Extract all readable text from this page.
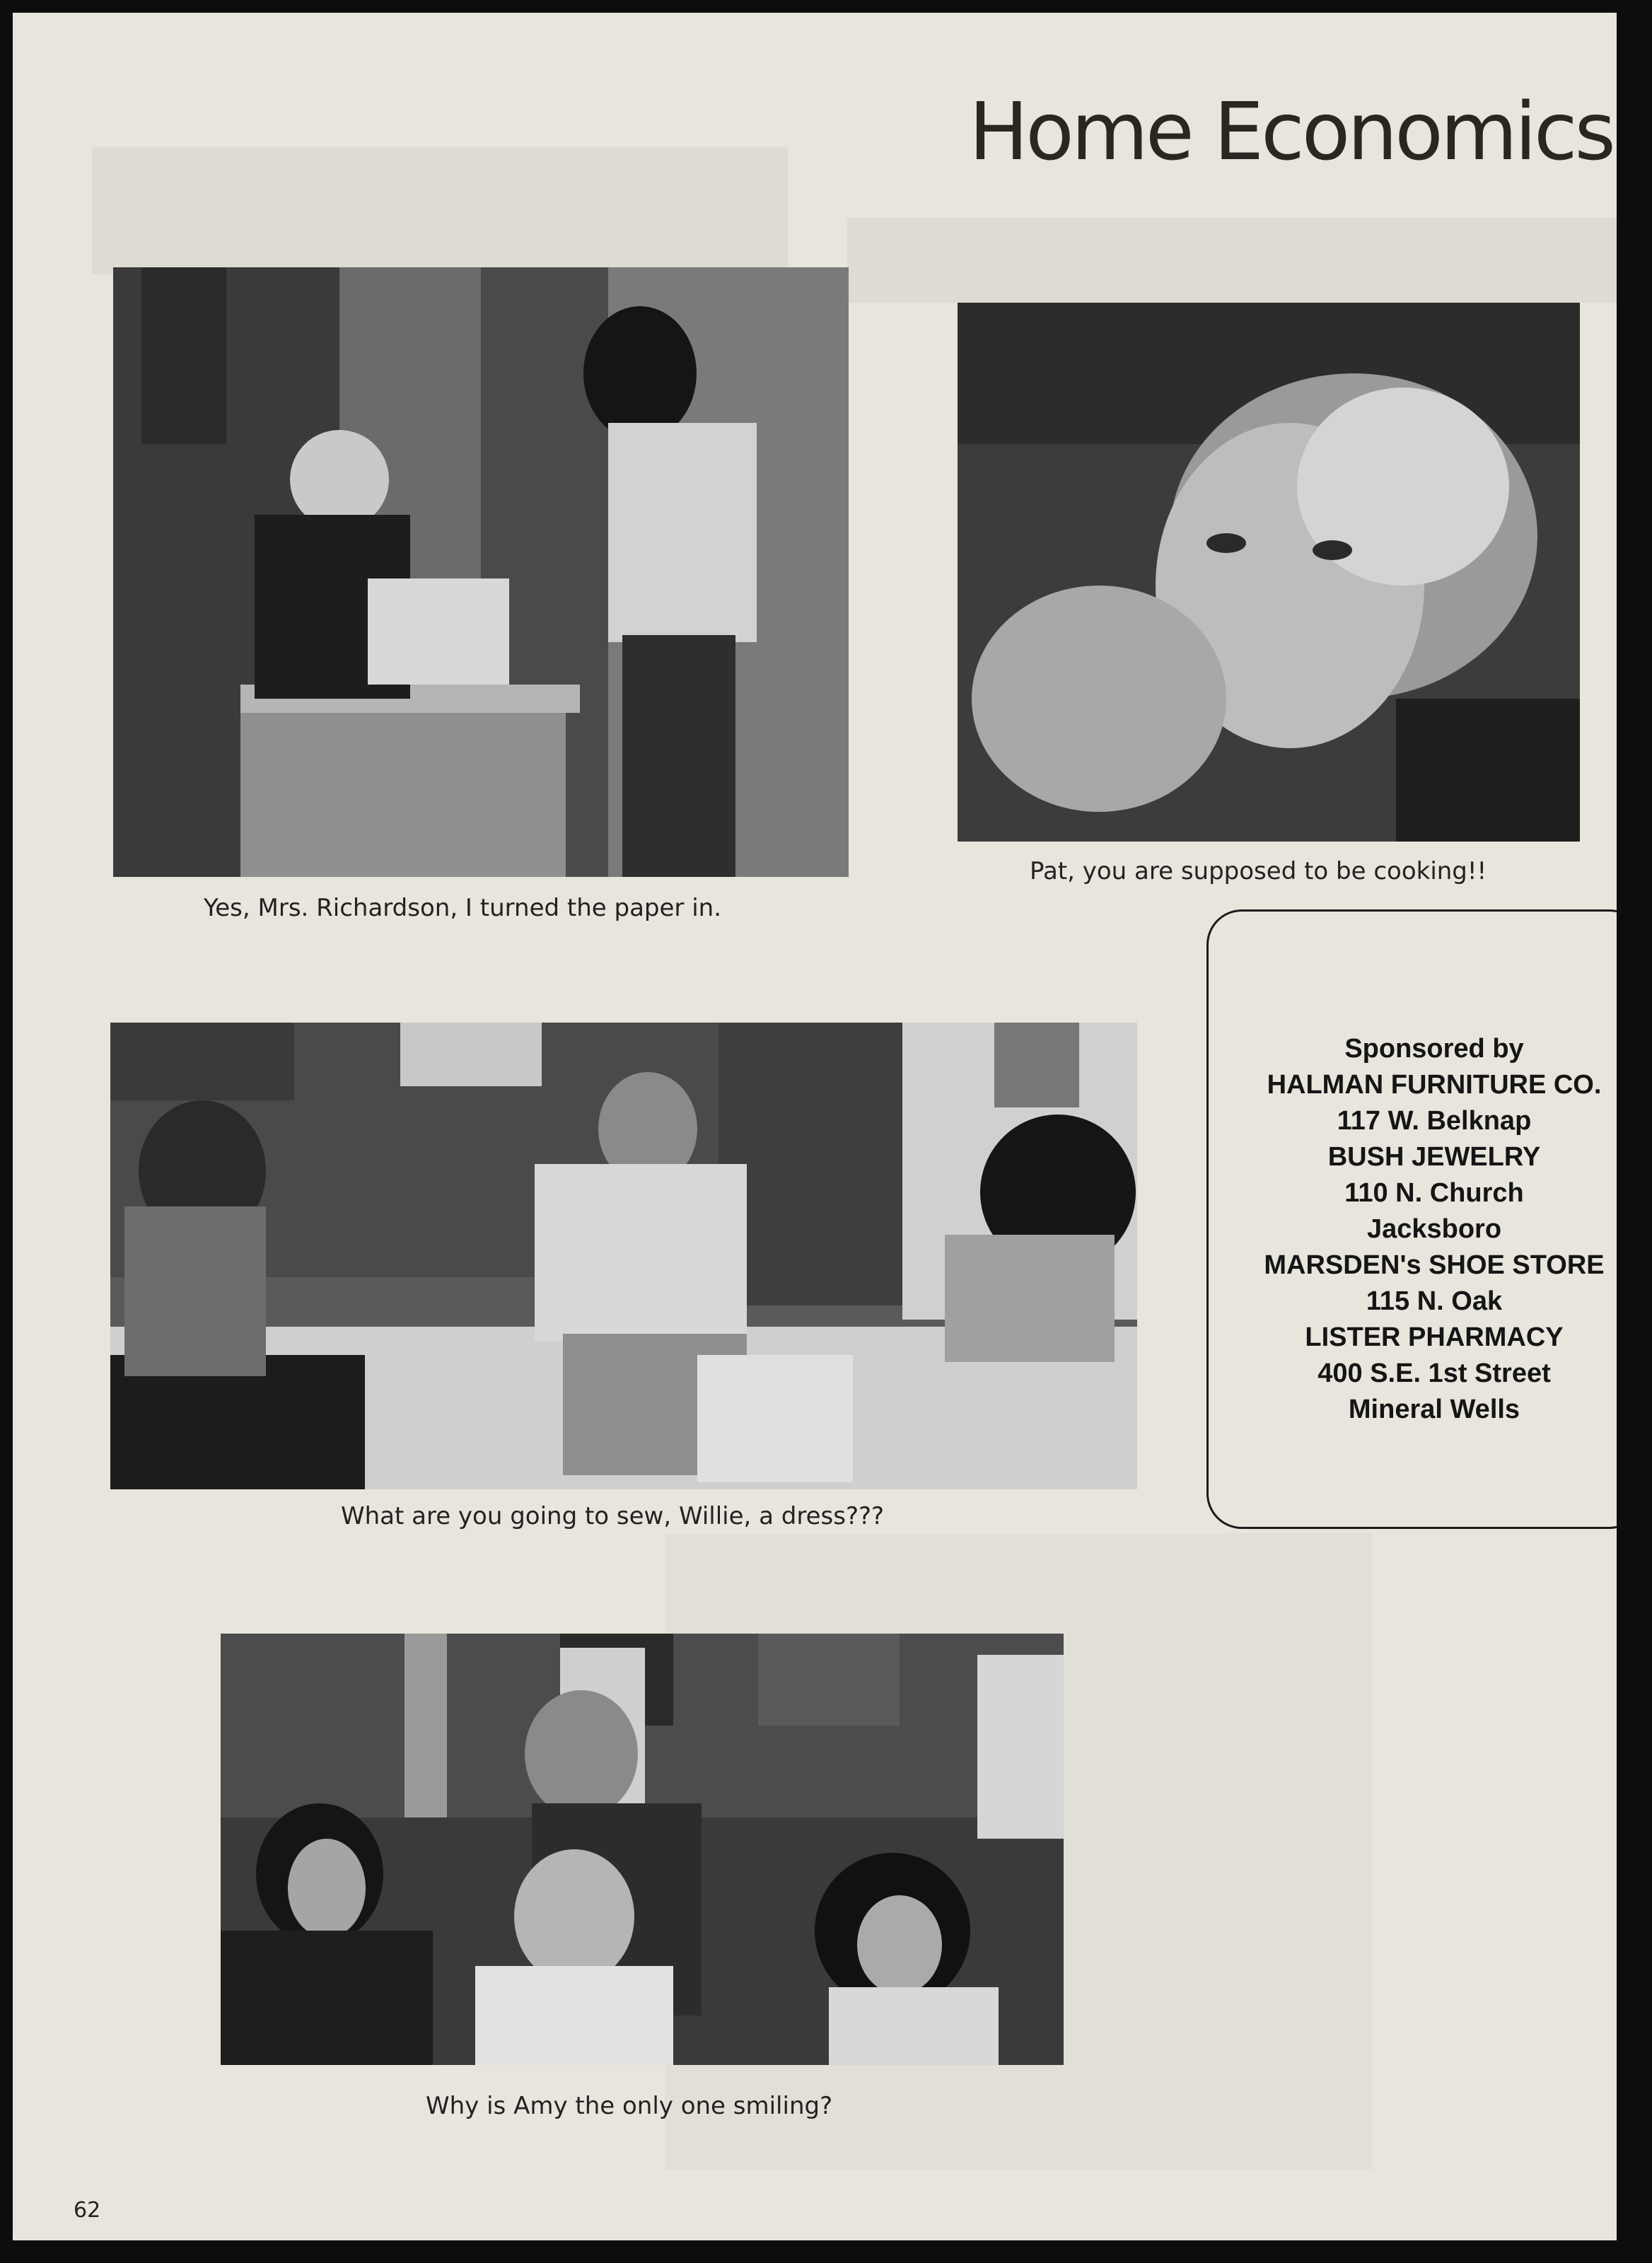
Home Economics
Yes, Mrs. Richardson, I turned the paper in.
Pat, you are supposed to be cooking!!
What are you going to sew, Willie, a dress???
Why is Amy the only one smiling?
62
Sponsored by
HALMAN FURNITURE CO.
117 W. Belknap
BUSH JEWELRY
110 N. Church
Jacksboro
MARSDEN's SHOE STORE
115 N. Oak
LISTER PHARMACY
400 S.E. 1st Street
Mineral Wells
